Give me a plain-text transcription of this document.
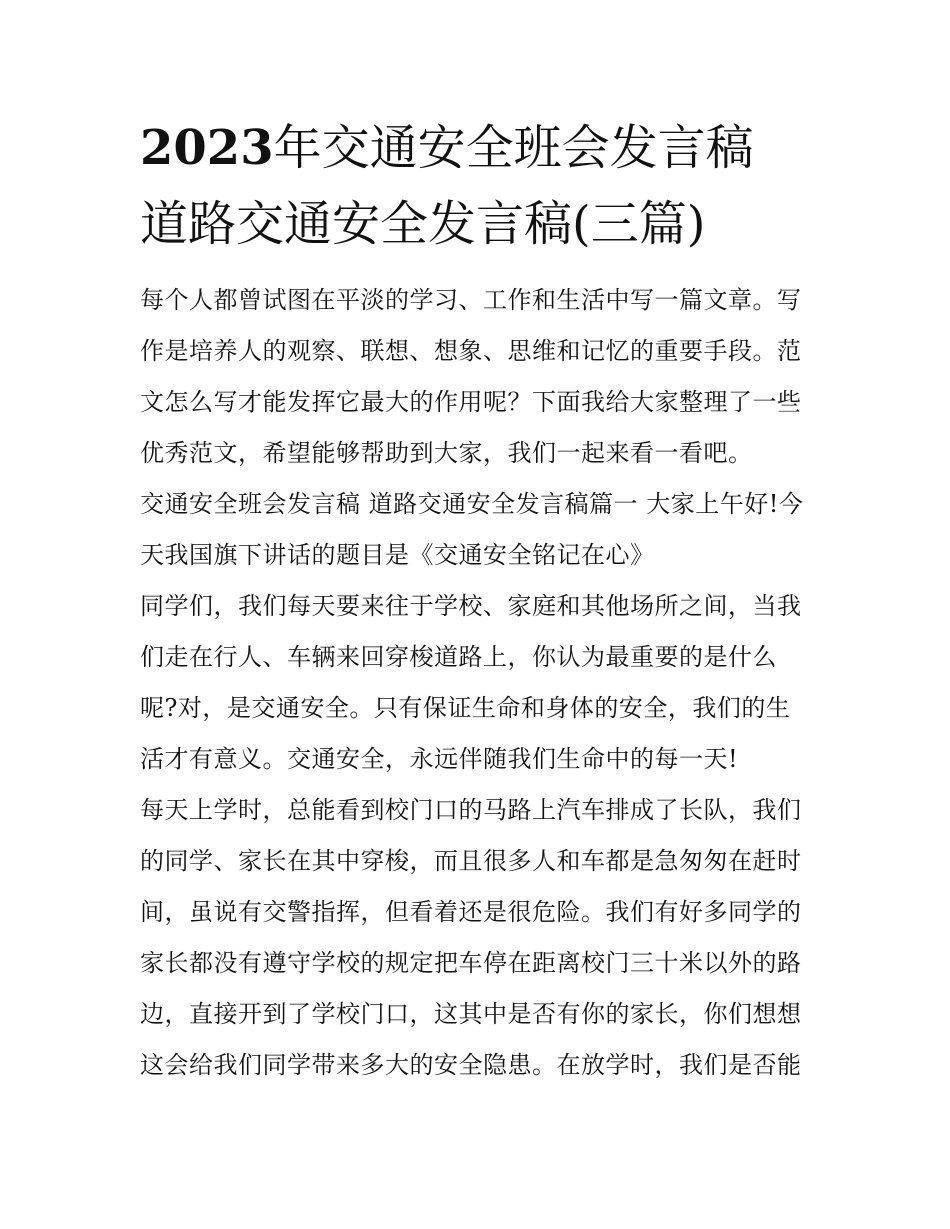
2023年交通安全班会发言稿
道路交通安全发言稿(三篇)

每个人都曾试图在平淡的学习、工作和生活中写一篇文章。写作是培养人的观察、联想、想象、思维和记忆的重要手段。范文怎么写才能发挥它最大的作用呢？下面我给大家整理了一些优秀范文，希望能够帮助到大家，我们一起来看一看吧。

交通安全班会发言稿 道路交通安全发言稿篇一 大家上午好!今天我国旗下讲话的题目是《交通安全铭记在心》

同学们，我们每天要来往于学校、家庭和其他场所之间，当我们走在行人、车辆来回穿梭道路上，你认为最重要的是什么呢?对，是交通安全。只有保证生命和身体的安全，我们的生活才有意义。交通安全，永远伴随我们生命中的每一天!

每天上学时，总能看到校门口的马路上汽车排成了长队，我们的同学、家长在其中穿梭，而且很多人和车都是急匆匆在赶时间，虽说有交警指挥，但看着还是很危险。我们有好多同学的家长都没有遵守学校的规定把车停在距离校门三十米以外的路边，直接开到了学校门口，这其中是否有你的家长，你们想想这会给我们同学带来多大的安全隐患。在放学时，我们是否能
